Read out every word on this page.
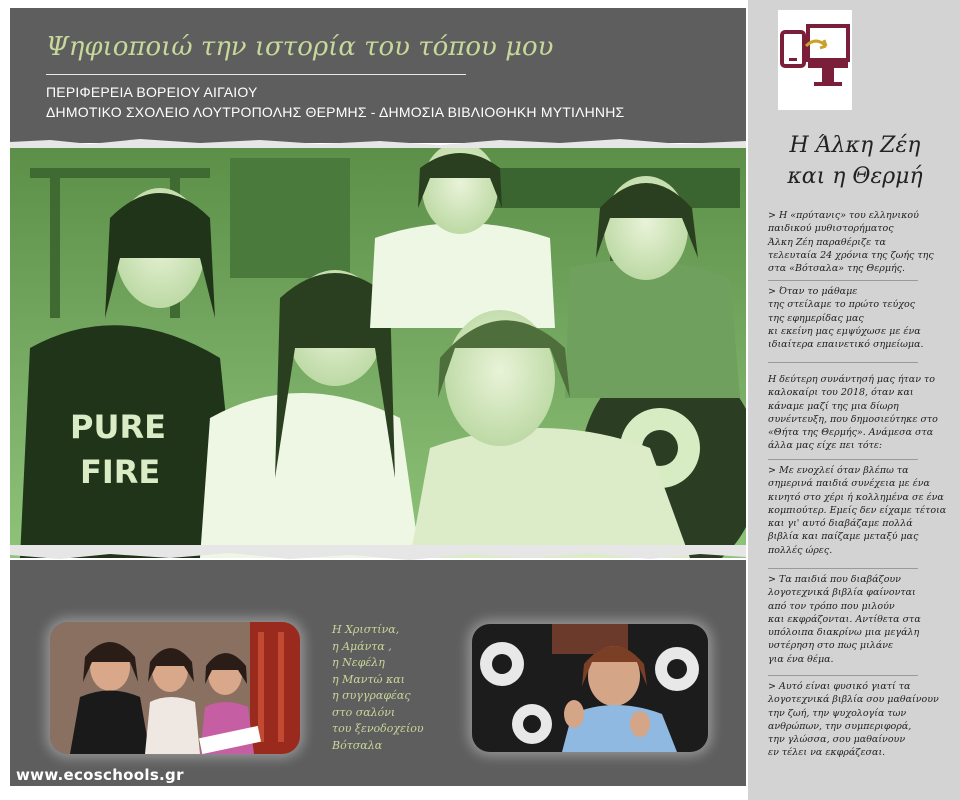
Ψηφιοποιώ την ιστορία του τόπου μου
ΠΕΡΙΦΕΡΕΙΑ ΒΟΡΕΙΟΥ ΑΙΓΑΙΟΥ
ΔΗΜΟΤΙΚΟ ΣΧΟΛΕΙΟ ΛΟΥΤΡΟΠΟΛΗΣ ΘΕΡΜΗΣ - ΔΗΜΟΣΙΑ ΒΙΒΛΙΟΘΗΚΗ ΜΥΤΙΛΗΝΗΣ
PURE
FIRE
Η Χριστίνα,
η Αμάντα ,
η Νεφέλη
η Μαντώ και
η συγγραφέας
στο σαλόνι
του ξενοδοχείου
Βότσαλα
www.ecoschools.gr
Η Άλκη Ζέη
και η Θερμή
> Η «πρύτανις» του ελληνικού
παιδικού μυθιστορήματος
Άλκη Ζέη παραθέριζε τα
τελευταία 24 χρόνια της ζωής της
στα «Βότσαλα» της Θερμής.
> Όταν το μάθαμε
της στείλαμε το πρώτο τεύχος
της εφημερίδας μας
κι εκείνη μας εμψύχωσε με ένα
ιδιαίτερα επαινετικό σημείωμα.
Η δεύτερη συνάντησή μας ήταν το
καλοκαίρι του 2018, όταν και
κάναμε μαζί της μια δίωρη
συνέντευξη, που δημοσιεύτηκε στο
«Θήτα της Θερμής». Ανάμεσα στα
άλλα μας είχε πει τότε:
> Με ενοχλεί όταν βλέπω τα
σημερινά παιδιά συνέχεια με ένα
κινητό στο χέρι ή κολλημένα σε ένα
κομπιούτερ. Εμείς δεν είχαμε τέτοια
και γι' αυτό διαβάζαμε πολλά
βιβλία και παίζαμε μεταξύ μας
πολλές ώρες.
> Τα παιδιά που διαβάζουν
λογοτεχνικά βιβλία φαίνονται
από τον τρόπο που μιλούν
και εκφράζονται. Αντίθετα στα
υπόλοιπα διακρίνω μια μεγάλη
υστέρηση στο πως μιλάνε
για ένα θέμα.
> Αυτό είναι φυσικό γιατί τα
λογοτεχνικά βιβλία σου μαθαίνουν
την ζωή, την ψυχολογία των
ανθρώπων, την συμπεριφορά,
την γλώσσα, σου μαθαίνουν
εν τέλει να εκφράζεσαι.
